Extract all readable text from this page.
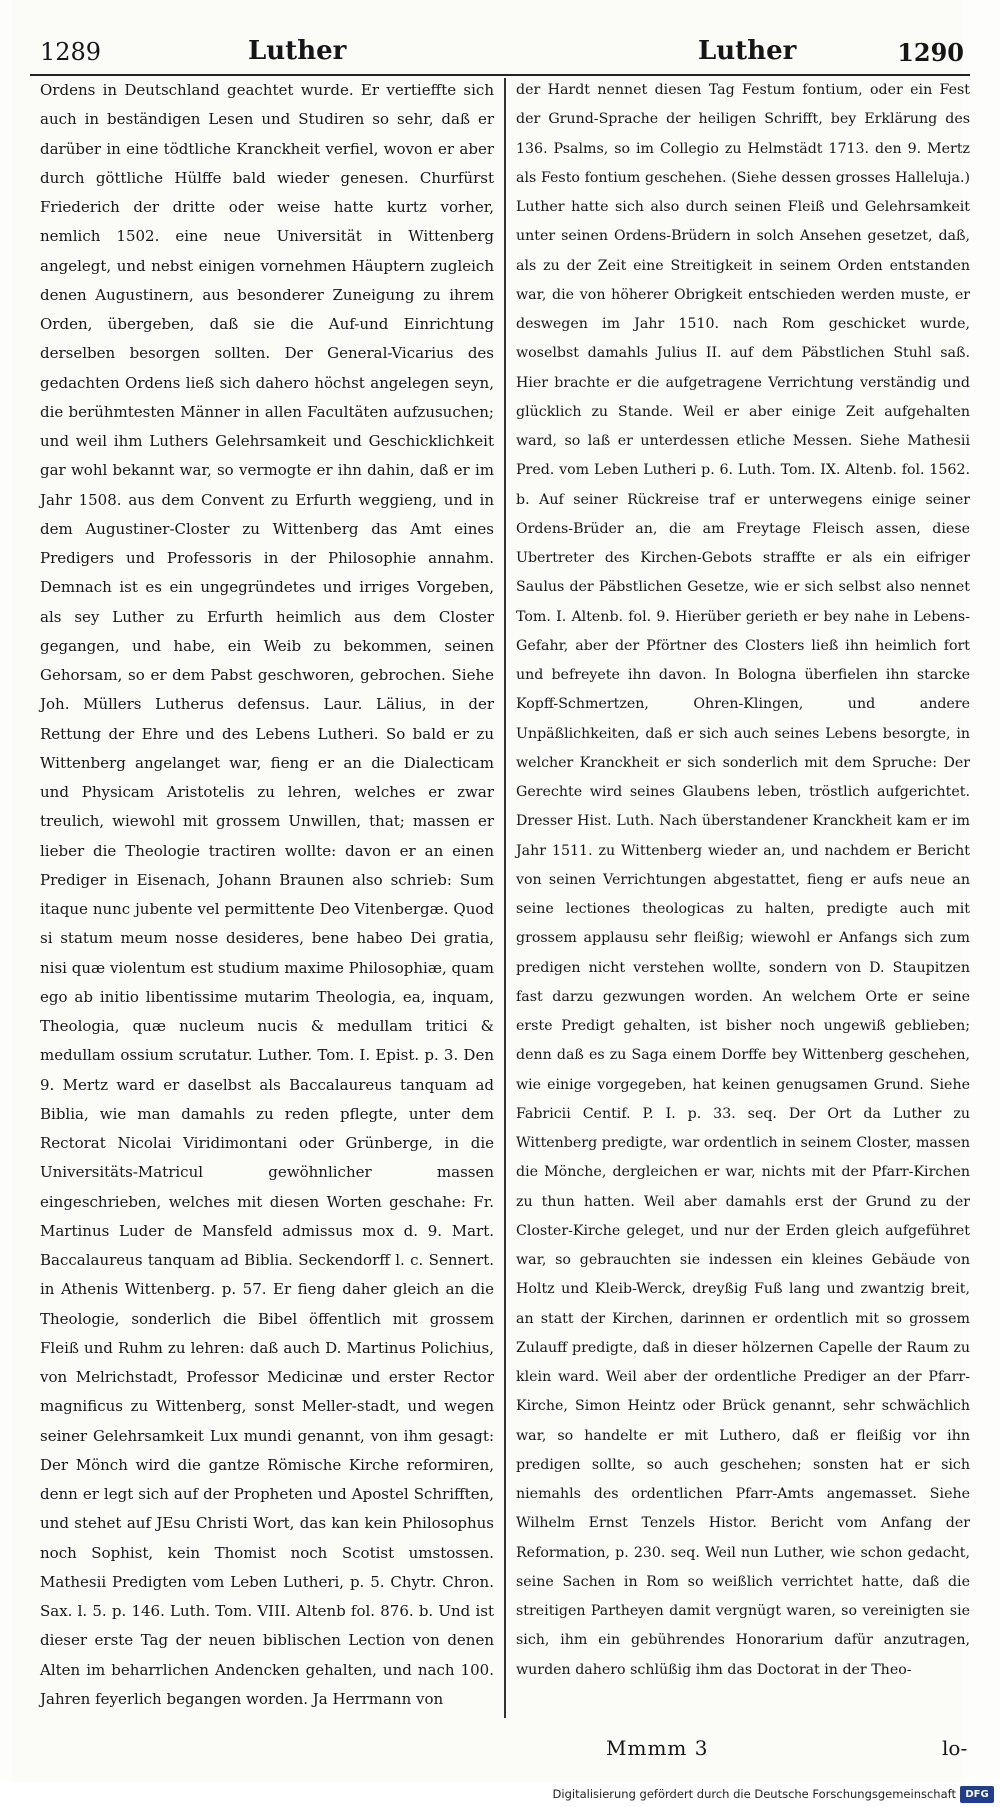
1289	Luther	Luther	1290

Ordens in Deutschland geachtet wurde. Er vertieffte sich auch in beständigen Lesen und Studiren so sehr, daß er darüber in eine tödtliche Kranckheit verfiel, wovon er aber durch göttliche Hülffe bald wieder genesen. Churfürst Friederich der dritte oder weise hatte kurtz vorher, nemlich 1502. eine neue Universität in Wittenberg angelegt, und nebst einigen vornehmen Häuptern zugleich denen Augustinern, aus besonderer Zuneigung zu ihrem Orden, übergeben, daß sie die Auf-und Einrichtung derselben besorgen sollten. Der General-Vicarius des gedachten Ordens ließ sich dahero höchst angelegen seyn, die berühmtesten Männer in allen Facultäten aufzusuchen; und weil ihm Luthers Gelehrsamkeit und Geschicklichkeit gar wohl bekannt war, so vermogte er ihn dahin, daß er im Jahr 1508. aus dem Convent zu Erfurth weggieng, und in dem Augustiner-Closter zu Wittenberg das Amt eines Predigers und Professoris in der Philosophie annahm. Demnach ist es ein ungegründetes und irriges Vorgeben, als sey Luther zu Erfurth heimlich aus dem Closter gegangen, und habe, ein Weib zu bekommen, seinen Gehorsam, so er dem Pabst geschworen, gebrochen. Siehe Joh. Müllers Lutherus defensus. Laur. Lälius, in der Rettung der Ehre und des Lebens Lutheri. So bald er zu Wittenberg angelanget war, fieng er an die Dialecticam und Physicam Aristotelis zu lehren, welches er zwar treulich, wiewohl mit grossem Unwillen, that; massen er lieber die Theologie tractiren wollte: davon er an einen Prediger in Eisenach, Johann Braunen also schrieb: Sum itaque nunc jubente vel permittente Deo Vitenbergæ. Quod si statum meum nosse desideres, bene habeo Dei gratia, nisi quæ violentum est studium maxime Philosophiæ, quam ego ab initio libentissime mutarim Theologia, ea, inquam, Theologia, quæ nucleum nucis & medullam tritici & medullam ossium scrutatur. Luther. Tom. I. Epist. p. 3. Den 9. Mertz ward er daselbst als Baccalaureus tanquam ad Biblia, wie man damahls zu reden pflegte, unter dem Rectorat Nicolai Viridimontani oder Grünberge, in die Universitäts-Matricul gewöhnlicher massen eingeschrieben, welches mit diesen Worten geschahe: Fr. Martinus Luder de Mansfeld admissus mox d. 9. Mart. Baccalaureus tanquam ad Biblia. Seckendorff l. c. Sennert. in Athenis Wittenberg. p. 57. Er fieng daher gleich an die Theologie, sonderlich die Bibel öffentlich mit grossem Fleiß und Ruhm zu lehren: daß auch D. Martinus Polichius, von Melrichstadt, Professor Medicinæ und erster Rector magnificus zu Wittenberg, sonst Meller-stadt, und wegen seiner Gelehrsamkeit Lux mundi genannt, von ihm gesagt: Der Mönch wird die gantze Römische Kirche reformiren, denn er legt sich auf der Propheten und Apostel Schrifften, und stehet auf JEsu Christi Wort, das kan kein Philosophus noch Sophist, kein Thomist noch Scotist umstossen. Mathesii Predigten vom Leben Lutheri, p. 5. Chytr. Chron. Sax. l. 5. p. 146. Luth. Tom. VIII. Altenb fol. 876. b. Und ist dieser erste Tag der neuen biblischen Lection von denen Alten im beharrlichen Andencken gehalten, und nach 100. Jahren feyerlich begangen worden. Ja Herrmann von

der Hardt nennet diesen Tag Festum fontium, oder ein Fest der Grund-Sprache der heiligen Schrifft, bey Erklärung des 136. Psalms, so im Collegio zu Helmstädt 1713. den 9. Mertz als Festo fontium geschehen. (Siehe dessen grosses Halleluja.) Luther hatte sich also durch seinen Fleiß und Gelehrsamkeit unter seinen Ordens-Brüdern in solch Ansehen gesetzet, daß, als zu der Zeit eine Streitigkeit in seinem Orden entstanden war, die von höherer Obrigkeit entschieden werden muste, er deswegen im Jahr 1510. nach Rom geschicket wurde, woselbst damahls Julius II. auf dem Päbstlichen Stuhl saß. Hier brachte er die aufgetragene Verrichtung verständig und glücklich zu Stande. Weil er aber einige Zeit aufgehalten ward, so laß er unterdessen etliche Messen. Siehe Mathesii Pred. vom Leben Lutheri p. 6. Luth. Tom. IX. Altenb. fol. 1562. b. Auf seiner Rückreise traf er unterwegens einige seiner Ordens-Brüder an, die am Freytage Fleisch assen, diese Ubertreter des Kirchen-Gebots straffte er als ein eifriger Saulus der Päbstlichen Gesetze, wie er sich selbst also nennet Tom. I. Altenb. fol. 9. Hierüber gerieth er bey nahe in Lebens-Gefahr, aber der Pförtner des Closters ließ ihn heimlich fort und befreyete ihn davon. In Bologna überfielen ihn starcke Kopff-Schmertzen, Ohren-Klingen, und andere Unpäßlichkeiten, daß er sich auch seines Lebens besorgte, in welcher Kranckheit er sich sonderlich mit dem Spruche: Der Gerechte wird seines Glaubens leben, tröstlich aufgerichtet. Dresser Hist. Luth. Nach überstandener Kranckheit kam er im Jahr 1511. zu Wittenberg wieder an, und nachdem er Bericht von seinen Verrichtungen abgestattet, fieng er aufs neue an seine lectiones theologicas zu halten, predigte auch mit grossem applausu sehr fleißig; wiewohl er Anfangs sich zum predigen nicht verstehen wollte, sondern von D. Staupitzen fast darzu gezwungen worden. An welchem Orte er seine erste Predigt gehalten, ist bisher noch ungewiß geblieben; denn daß es zu Saga einem Dorffe bey Wittenberg geschehen, wie einige vorgegeben, hat keinen genugsamen Grund. Siehe Fabricii Centif. P. I. p. 33. seq. Der Ort da Luther zu Wittenberg predigte, war ordentlich in seinem Closter, massen die Mönche, dergleichen er war, nichts mit der Pfarr-Kirchen zu thun hatten. Weil aber damahls erst der Grund zu der Closter-Kirche geleget, und nur der Erden gleich aufgeführet war, so gebrauchten sie indessen ein kleines Gebäude von Holtz und Kleib-Werck, dreyßig Fuß lang und zwantzig breit, an statt der Kirchen, darinnen er ordentlich mit so grossem Zulauff predigte, daß in dieser hölzernen Capelle der Raum zu klein ward. Weil aber der ordentliche Prediger an der Pfarr-Kirche, Simon Heintz oder Brück genannt, sehr schwächlich war, so handelte er mit Luthero, daß er fleißig vor ihn predigen sollte, so auch geschehen; sonsten hat er sich niemahls des ordentlichen Pfarr-Amts angemasset. Siehe Wilhelm Ernst Tenzels Histor. Bericht vom Anfang der Reformation, p. 230. seq. Weil nun Luther, wie schon gedacht, seine Sachen in Rom so weißlich verrichtet hatte, daß die streitigen Partheyen damit vergnügt waren, so vereinigten sie sich, ihm ein gebührendes Honorarium dafür anzutragen, wurden dahero schlüßig ihm das Doctorat in der Theo-

Mmmm 3	lo-
Digitalisierung gefördert durch die Deutsche Forschungsgemeinschaft DFG
